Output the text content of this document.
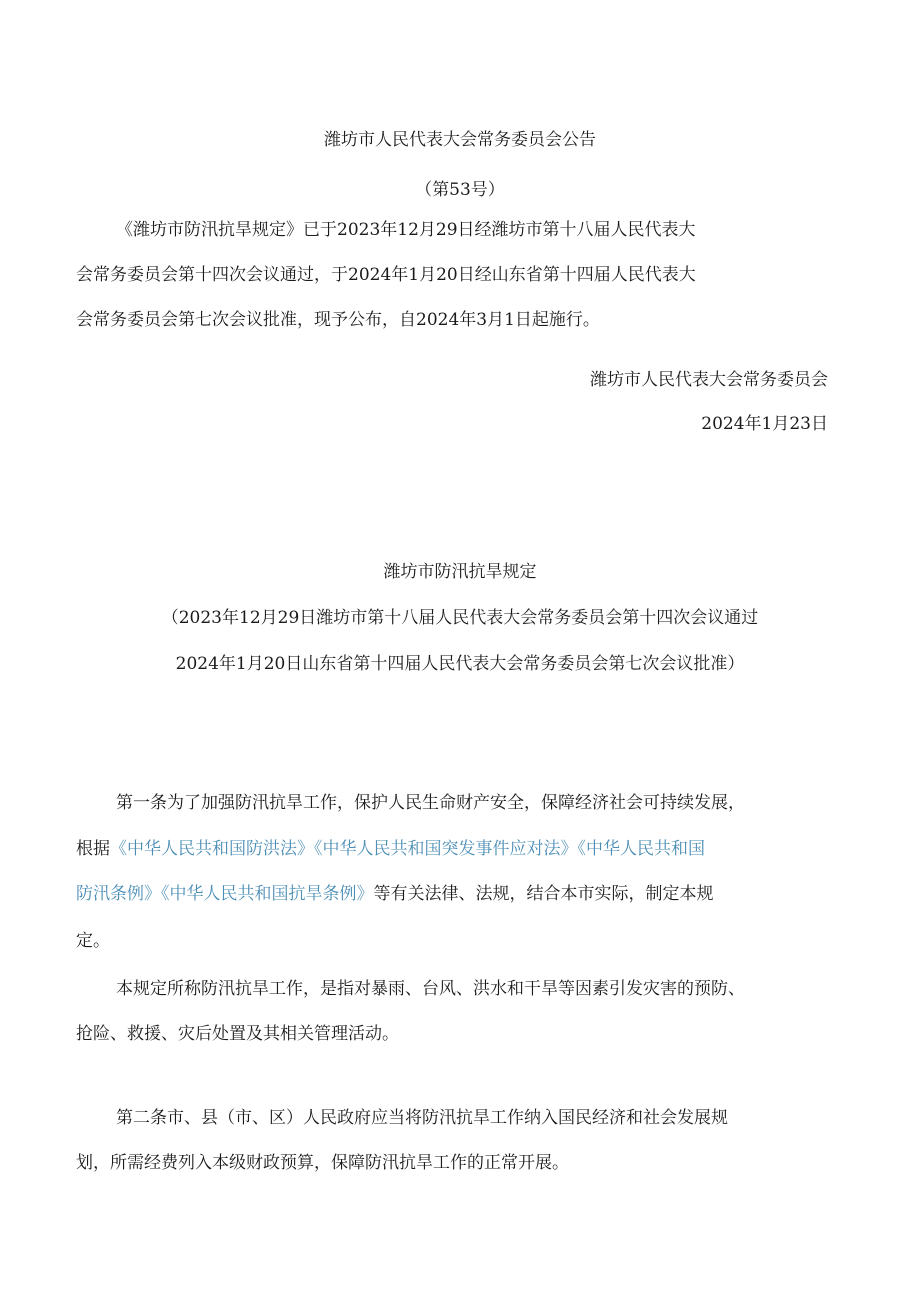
潍坊市人民代表大会常务委员会公告
（第53号）
《潍坊市防汛抗旱规定》已于2023年12月29日经潍坊市第十八届人民代表大
会常务委员会第十四次会议通过，于2024年1月20日经山东省第十四届人民代表大
会常务委员会第七次会议批准，现予公布，自2024年3月1日起施行。
潍坊市人民代表大会常务委员会
2024年1月23日
潍坊市防汛抗旱规定
（2023年12月29日潍坊市第十八届人民代表大会常务委员会第十四次会议通过
2024年1月20日山东省第十四届人民代表大会常务委员会第七次会议批准）
第一条为了加强防汛抗旱工作，保护人民生命财产安全，保障经济社会可持续发展，
根据《中华人民共和国防洪法》《中华人民共和国突发事件应对法》《中华人民共和国
防汛条例》《中华人民共和国抗旱条例》等有关法律、法规，结合本市实际，制定本规
定。
本规定所称防汛抗旱工作，是指对暴雨、台风、洪水和干旱等因素引发灾害的预防、
抢险、救援、灾后处置及其相关管理活动。
第二条市、县（市、区）人民政府应当将防汛抗旱工作纳入国民经济和社会发展规
划，所需经费列入本级财政预算，保障防汛抗旱工作的正常开展。
